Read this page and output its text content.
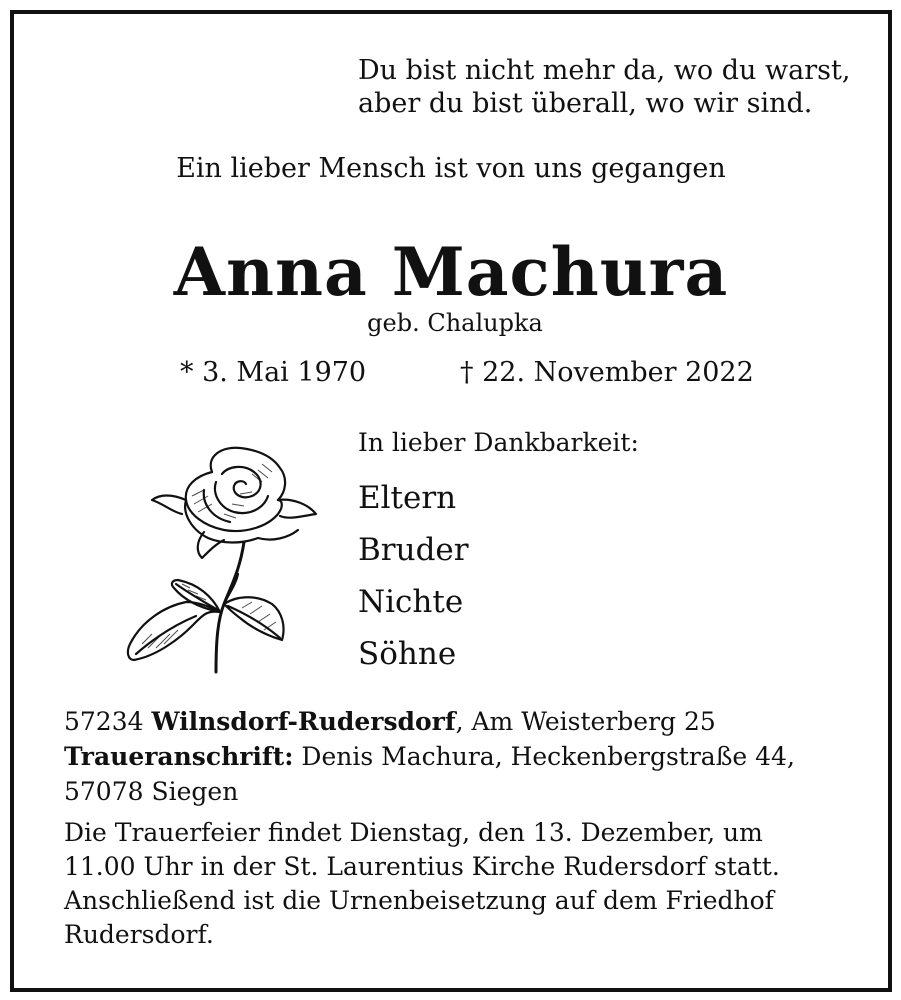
Du bist nicht mehr da, wo du warst,
aber du bist überall, wo wir sind.
Ein lieber Mensch ist von uns gegangen
Anna Machura
geb. Chalupka
* 3. Mai 1970	† 22. November 2022
In lieber Dankbarkeit:
Eltern
Bruder
Nichte
Söhne
57234 Wilnsdorf-Rudersdorf, Am Weisterberg 25
Traueranschrift: Denis Machura, Heckenbergstraße 44,
57078 Siegen
Die Trauerfeier findet Dienstag, den 13. Dezember, um
11.00 Uhr in der St. Laurentius Kirche Rudersdorf statt.
Anschließend ist die Urnenbeisetzung auf dem Friedhof
Rudersdorf.
